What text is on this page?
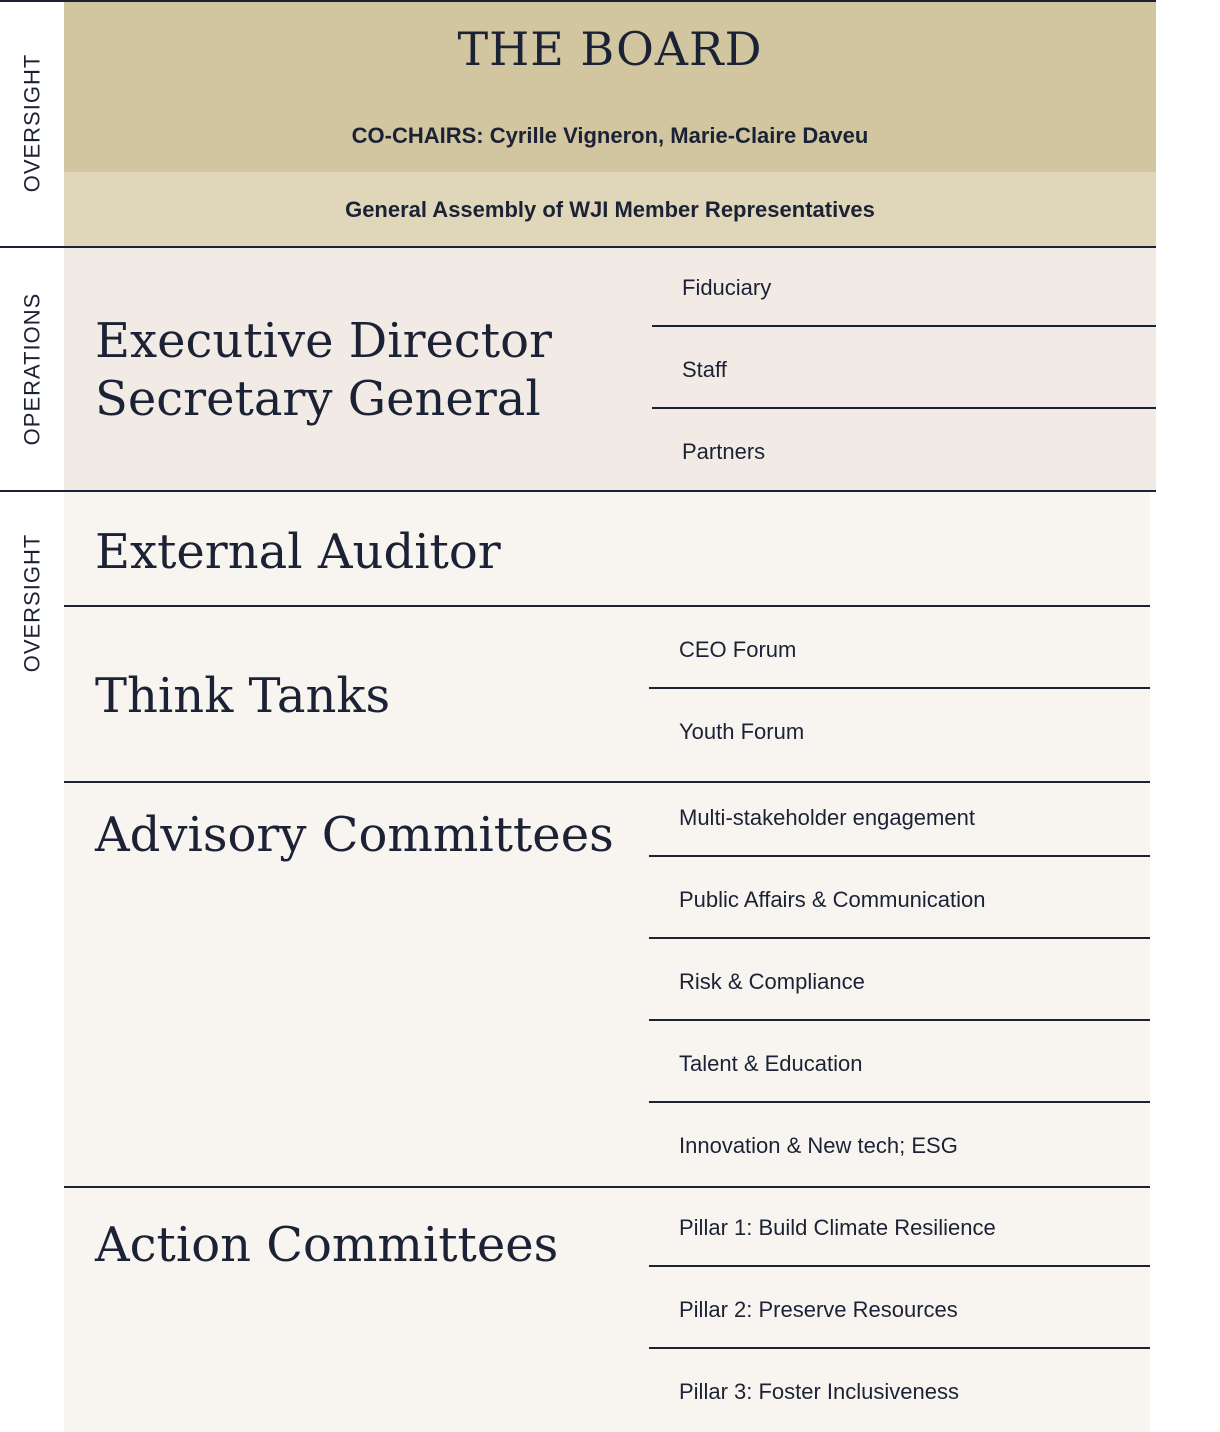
OVERSIGHT
OPERATIONS
OVERSIGHT
THE BOARD
CO-CHAIRS: Cyrille Vigneron, Marie-Claire Daveu
General Assembly of WJI Member Representatives
Executive Director
Secretary General
Fiduciary
Staff
Partners
External Auditor
Think Tanks
CEO Forum
Youth Forum
Advisory Committees	Multi-stakeholder engagement
Public Affairs & Communication
Risk & Compliance
Talent & Education
Innovation & New tech; ESG
Action Committees	Pillar 1: Build Climate Resilience
Pillar 2: Preserve Resources
Pillar 3: Foster Inclusiveness
